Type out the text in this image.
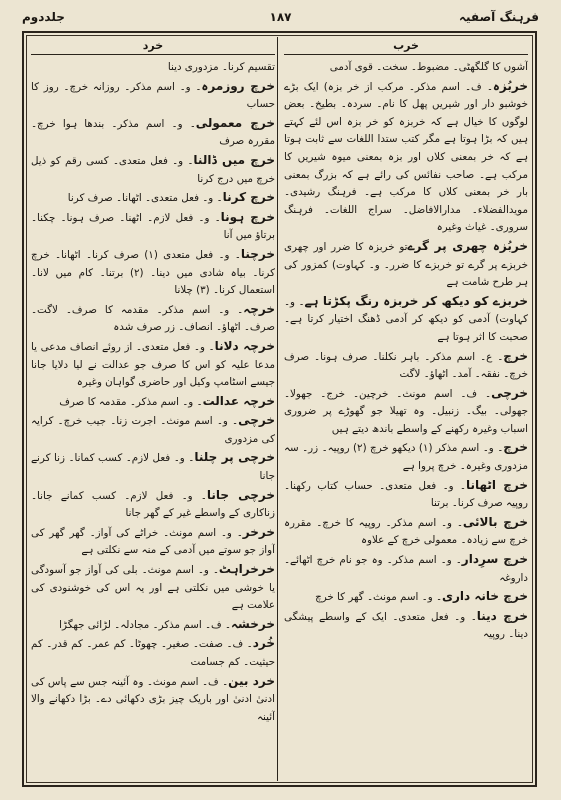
فرہنگ آصفیہ
۱۸۷
جلددوم
خرب

آشوں کا گلگھٹی۔ مضبوط۔ سخت۔ قوی آدمی

خربُزہ۔ ف۔ اسم مذکر۔ مرکب از خر بزہ) ایک بڑے خوشبو دار اور شیریں پھل کا نام۔ سردہ۔ بطیخ۔ بعض لوگوں کا خیال ہے کہ خربزہ کو خر بزہ اس لئے کہتے ہیں کہ بڑا ہوتا ہے مگر کتب ستدا اللغات سے ثابت ہوتا ہے کہ خر بمعنی کلاں اور بزہ بمعنی میوہ شیریں کا مرکب ہے۔ صاحب نفائس کی رائے ہے کہ بزرگ بمعنی بار خر بمعنی کلاں کا مرکب ہے۔ فرہنگ رشیدی۔ مویدالفضلاء۔ مدارالافاضل۔ سراج اللغات۔ فرہنگ سروری۔ غیاث وغیرہ

خربُزہ چھری پر گرےتو خربزہ کا ضرر اور چھری خربزے پر گرے تو خربزے کا ضرر۔ و۔ کہاوت) کمزور کی ہر طرح شامت ہے

خربزے کو دیکھ کر خربزہ رنگ پکڑتا ہے۔ و۔ کہاوت) آدمی کو دیکھ کر آدمی ڈھنگ اختیار کرتا ہے۔ صحبت کا اثر ہوتا ہے

خرچ۔ ع۔ اسم مذکر۔ باہر نکلنا۔ صرف ہونا۔ صرف خرچ۔ نفقہ۔ آمد۔ اٹھاؤ۔ لاگت

خرچی۔ ف۔ اسم مونث۔ خرچین۔ خرج۔ جھولا۔ جھولی۔ بیگ۔ زنبیل۔ وہ تھیلا جو گھوڑے پر ضروری اسباب وغیرہ رکھنے کے واسطے باندھ دیتے ہیں

خرچ۔ و۔ اسم مذکر (۱) دیکھو خرچ (۲) روپیہ۔ زر۔ سہ مزدوری وغیرہ۔ خرچ پروا ہے

خرچ اٹھانا۔ و۔ فعل متعدی۔ حساب کتاب رکھنا۔ روپیہ صرف کرنا۔ برتنا

خرچ بالائی۔ و۔ اسم مذکر۔ روپیہ کا خرچ۔ مقررہ خرچ سے زیادہ۔ معمولی خرچ کے علاوہ

خرچ سرِدار۔ و۔ اسم مذکر۔ وہ جو نام خرچ اٹھائے۔ داروغہ

خرچ خانہ داری۔ و۔ اسم مونث۔ گھر کا خرچ

خرچ دینا۔ و۔ فعل متعدی۔ ایک کے واسطے پیشگی دینا۔ روپیہ

خرد

تقسیم کرنا۔ مزدوری دینا

خرچ روزمرہ۔ و۔ اسم مذکر۔ روزانہ خرچ۔ روز کا حساب

خرچ معمولی۔ و۔ اسم مذکر۔ بندھا ہوا خرچ۔ مقررہ صرف

خرچ میں ڈالنا۔ و۔ فعل متعدی۔ کسی رقم کو ذیل خرچ میں درج کرنا

خرچ کرنا۔ و۔ فعل متعدی۔ اٹھانا۔ صرف کرنا

خرچ ہونا۔ و۔ فعل لازم۔ اٹھنا۔ صرف ہونا۔ چکنا۔ برتاؤ میں آنا

خرچنا۔ و۔ فعل متعدی (۱) صرف کرنا۔ اٹھانا۔ خرچ کرنا۔ بیاہ شادی میں دینا۔ (۲) برتنا۔ کام میں لانا۔ استعمال کرنا۔ (۳) چلانا

خرچہ۔ و۔ اسم مذکر۔ مقدمہ کا صرف۔ لاگت۔ صرف۔ اٹھاؤ۔ انصاف۔ زر صرف شدہ

خرچہ دلانا۔ و۔ فعل متعدی۔ از روئے انصاف مدعی یا مدعا علیہ کو اس کا صرف جو عدالت نے لیا دلایا جانا جیسے اسٹامپ وکیل اور حاضری گواہان وغیرہ

خرچہ عدالت۔ و۔ اسم مذکر۔ مقدمہ کا صرف

خرچی۔ و۔ اسم مونث۔ اجرت زنا۔ جیب خرچ۔ کرایہ کی مزدوری

خرچی پر چلنا۔ و۔ فعل لازم۔ کسب کمانا۔ زنا کرنے جانا

خرچی جانا۔ و۔ فعل لازم۔ کسب کمانے جانا۔ زناکاری کے واسطے غیر کے گھر جانا

خرخر۔ و۔ اسم مونث۔ خراٹے کی آواز۔ گھر گھر کی آواز جو سوتے میں آدمی کے منہ سے نکلتی ہے

خرخراہٹ۔ و۔ اسم مونث۔ بلی کی آواز جو آسودگی یا خوشی میں نکلتی ہے اور یہ اس کی خوشنودی کی علامت ہے

خرخشہ۔ ف۔ اسم مذکر۔ مجادلہ۔ لڑائی جھگڑا

خُرد۔ ف۔ صفت۔ صغیر۔ چھوٹا۔ کم عمر۔ کم قدر۔ کم حیثیت۔ کم جسامت

خرد بین۔ ف۔ اسم مونث۔ وہ آئینہ جس سے پاس کی ادنیٰ ادنیٰ اور باریک چیز بڑی دکھائی دے۔ بڑا دکھانے والا آئینہ
